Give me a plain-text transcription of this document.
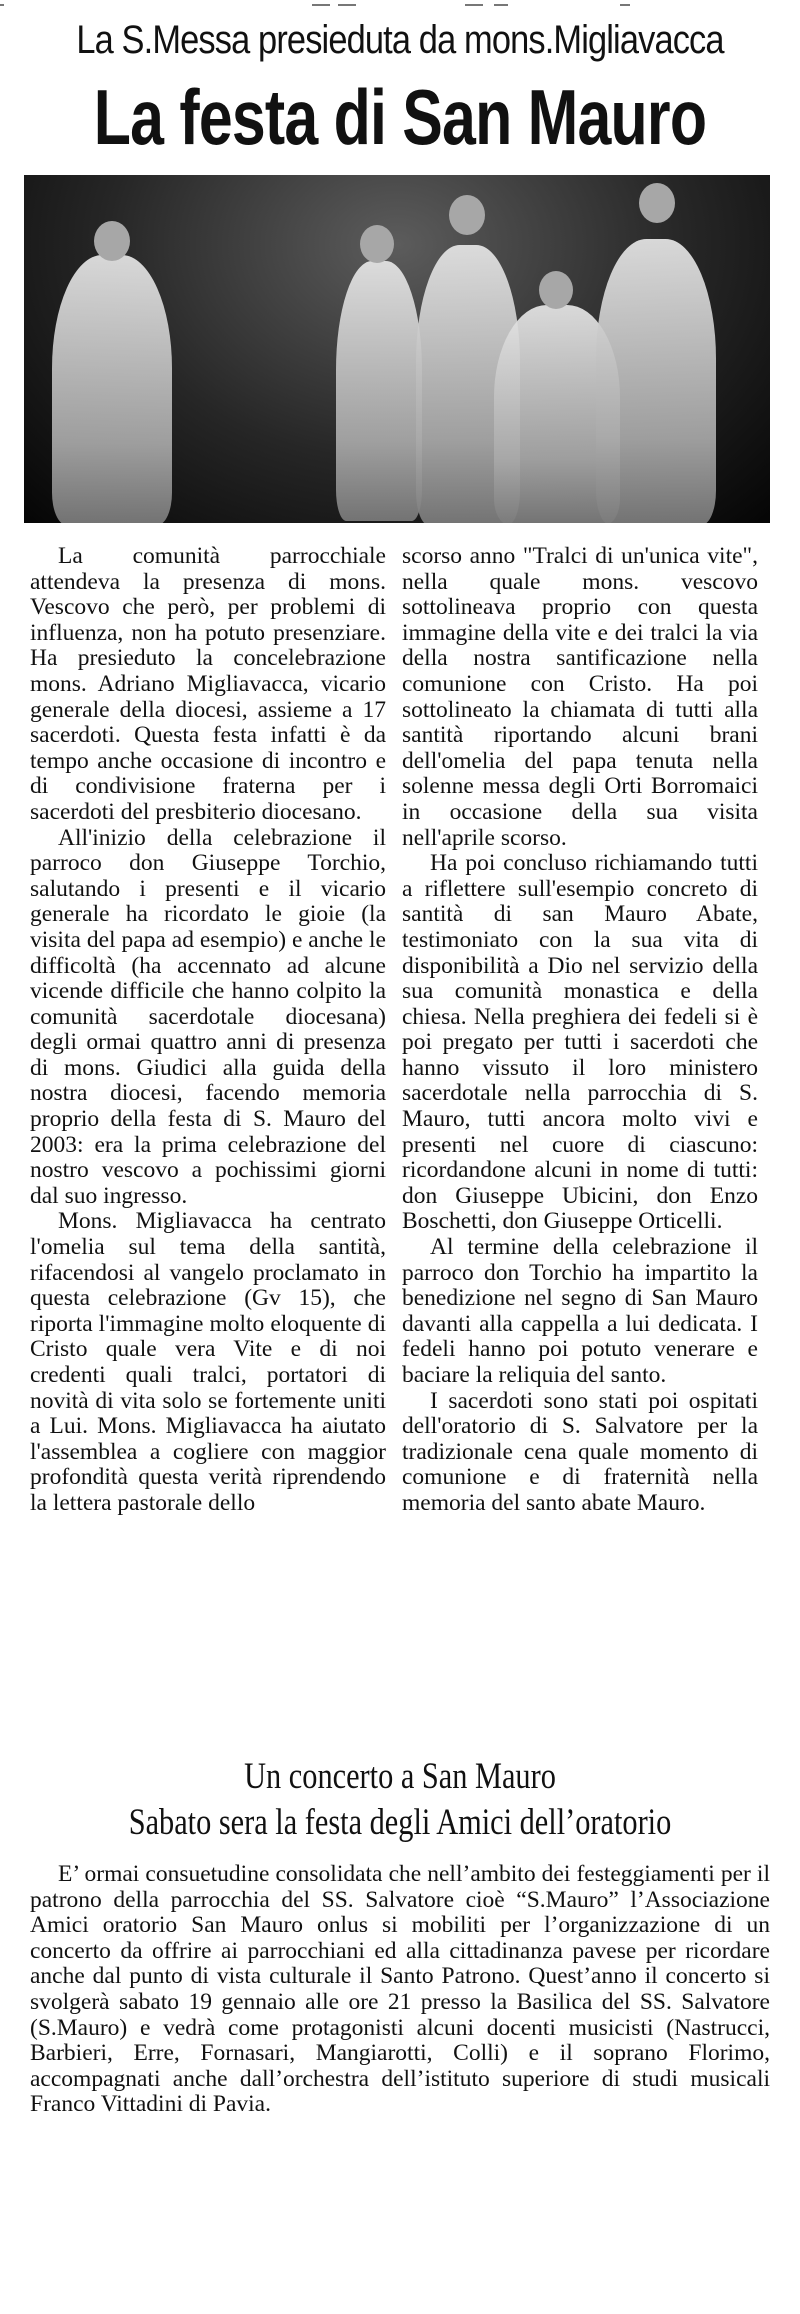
La S.Messa presieduta da mons.Migliavacca
La festa di San Mauro

La comunità parrocchiale attendeva la presenza di mons. Vescovo che però, per problemi di influenza, non ha potuto presenziare. Ha presieduto la concelebrazione mons. Adriano Migliavacca, vicario generale della diocesi, assieme a 17 sacerdoti. Questa festa infatti è da tempo anche occasione di incontro e di condivisione fraterna per i sacerdoti del presbiterio diocesano.

All'inizio della celebrazione il parroco don Giuseppe Torchio, salutando i presenti e il vicario generale ha ricordato le gioie (la visita del papa ad esempio) e anche le difficoltà (ha accennato ad alcune vicende difficile che hanno colpito la comunità sacerdotale diocesana) degli ormai quattro anni di presenza di mons. Giudici alla guida della nostra diocesi, facendo memoria proprio della festa di S. Mauro del 2003: era la prima celebrazione del nostro vescovo a pochissimi giorni dal suo ingresso.

Mons. Migliavacca ha centrato l'omelia sul tema della santità, rifacendosi al vangelo proclamato in questa celebrazione (Gv 15), che riporta l'immagine molto eloquente di Cristo quale vera Vite e di noi credenti quali tralci, portatori di novità di vita solo se fortemente uniti a Lui. Mons. Migliavacca ha aiutato l'assemblea a cogliere con maggior profondità questa verità riprendendo la lettera pastorale dello

scorso anno "Tralci di un'unica vite", nella quale mons. vescovo sottolineava proprio con questa immagine della vite e dei tralci la via della nostra santificazione nella comunione con Cristo. Ha poi sottolineato la chiamata di tutti alla santità riportando alcuni brani dell'omelia del papa tenuta nella solenne messa degli Orti Borromaici in occasione della sua visita nell'aprile scorso.

Ha poi concluso richiamando tutti a riflettere sull'esempio concreto di santità di san Mauro Abate, testimoniato con la sua vita di disponibilità a Dio nel servizio della sua comunità monastica e della chiesa. Nella preghiera dei fedeli si è poi pregato per tutti i sacerdoti che hanno vissuto il loro ministero sacerdotale nella parrocchia di S. Mauro, tutti ancora molto vivi e presenti nel cuore di ciascuno: ricordandone alcuni in nome di tutti: don Giuseppe Ubicini, don Enzo Boschetti, don Giuseppe Orticelli.

Al termine della celebrazione il parroco don Torchio ha impartito la benedizione nel segno di San Mauro davanti alla cappella a lui dedicata. I fedeli hanno poi potuto venerare e baciare la reliquia del santo.

I sacerdoti sono stati poi ospitati dell'oratorio di S. Salvatore per la tradizionale cena quale momento di comunione e di fraternità nella memoria del santo abate Mauro.

Un concerto a San Mauro
Sabato sera la festa degli Amici dell’oratorio

E’ ormai consuetudine consolidata che nell’ambito dei festeggiamenti per il patrono della parrocchia del SS. Salvatore cioè “S.Mauro” l’Associazione Amici oratorio San Mauro onlus si mobiliti per l’organizzazione di un concerto da offrire ai parrocchiani ed alla cittadinanza pavese per ricordare anche dal punto di vista culturale il Santo Patrono. Quest’anno il concerto si svolgerà sabato 19 gennaio alle ore 21 presso la Basilica del SS. Salvatore (S.Mauro) e vedrà come protagonisti alcuni docenti musicisti (Nastrucci, Barbieri, Erre, Fornasari, Mangiarotti, Colli) e il soprano Florimo, accompagnati anche dall’orchestra dell’istituto superiore di studi musicali Franco Vittadini di Pavia.
